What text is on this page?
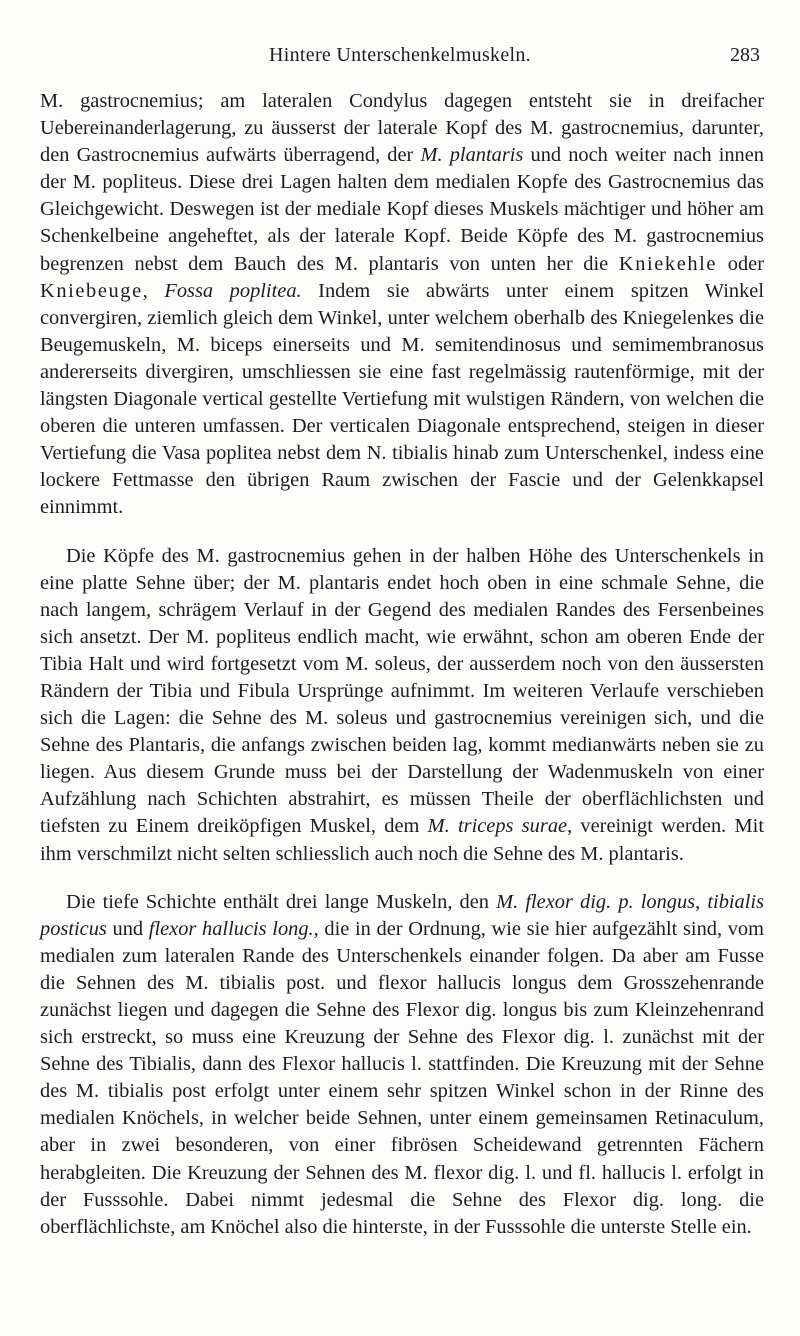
Hintere Unterschenkelmuskeln.	283

M. gastrocnemius; am lateralen Condylus dagegen entsteht sie in dreifacher Uebereinanderlagerung, zu äusserst der laterale Kopf des M. gastrocnemius, darunter, den Gastrocnemius aufwärts überragend, der M. plantaris und noch weiter nach innen der M. popliteus. Diese drei Lagen halten dem medialen Kopfe des Gastrocnemius das Gleichgewicht. Deswegen ist der mediale Kopf dieses Muskels mächtiger und höher am Schenkelbeine angeheftet, als der laterale Kopf. Beide Köpfe des M. gastrocnemius begrenzen nebst dem Bauch des M. plantaris von unten her die Kniekehle oder Kniebeuge, Fossa poplitea. Indem sie abwärts unter einem spitzen Winkel convergiren, ziemlich gleich dem Winkel, unter welchem oberhalb des Kniegelenkes die Beugemuskeln, M. biceps einerseits und M. semitendinosus und semimembranosus andererseits divergiren, umschliessen sie eine fast regelmässig rautenförmige, mit der längsten Diagonale vertical gestellte Vertiefung mit wulstigen Rändern, von welchen die oberen die unteren umfassen. Der verticalen Diagonale entsprechend, steigen in dieser Vertiefung die Vasa poplitea nebst dem N. tibialis hinab zum Unterschenkel, indess eine lockere Fettmasse den übrigen Raum zwischen der Fascie und der Gelenkkapsel einnimmt.

Die Köpfe des M. gastrocnemius gehen in der halben Höhe des Unterschenkels in eine platte Sehne über; der M. plantaris endet hoch oben in eine schmale Sehne, die nach langem, schrägem Verlauf in der Gegend des medialen Randes des Fersenbeines sich ansetzt. Der M. popliteus endlich macht, wie erwähnt, schon am oberen Ende der Tibia Halt und wird fortgesetzt vom M. soleus, der ausserdem noch von den äussersten Rändern der Tibia und Fibula Ursprünge aufnimmt. Im weiteren Verlaufe verschieben sich die Lagen: die Sehne des M. soleus und gastrocnemius vereinigen sich, und die Sehne des Plantaris, die anfangs zwischen beiden lag, kommt medianwärts neben sie zu liegen. Aus diesem Grunde muss bei der Darstellung der Wadenmuskeln von einer Aufzählung nach Schichten abstrahirt, es müssen Theile der oberflächlichsten und tiefsten zu Einem dreiköpfigen Muskel, dem M. triceps surae, vereinigt werden. Mit ihm verschmilzt nicht selten schliesslich auch noch die Sehne des M. plantaris.

Die tiefe Schichte enthält drei lange Muskeln, den M. flexor dig. p. longus, tibialis posticus und flexor hallucis long., die in der Ordnung, wie sie hier aufgezählt sind, vom medialen zum lateralen Rande des Unterschenkels einander folgen. Da aber am Fusse die Sehnen des M. tibialis post. und flexor hallucis longus dem Grosszehenrande zunächst liegen und dagegen die Sehne des Flexor dig. longus bis zum Kleinzehenrand sich erstreckt, so muss eine Kreuzung der Sehne des Flexor dig. l. zunächst mit der Sehne des Tibialis, dann des Flexor hallucis l. stattfinden. Die Kreuzung mit der Sehne des M. tibialis post erfolgt unter einem sehr spitzen Winkel schon in der Rinne des medialen Knöchels, in welcher beide Sehnen, unter einem gemeinsamen Retinaculum, aber in zwei besonderen, von einer fibrösen Scheidewand getrennten Fächern herabgleiten. Die Kreuzung der Sehnen des M. flexor dig. l. und fl. hallucis l. erfolgt in der Fusssohle. Dabei nimmt jedesmal die Sehne des Flexor dig. long. die oberflächlichste, am Knöchel also die hinterste, in der Fusssohle die unterste Stelle ein.
